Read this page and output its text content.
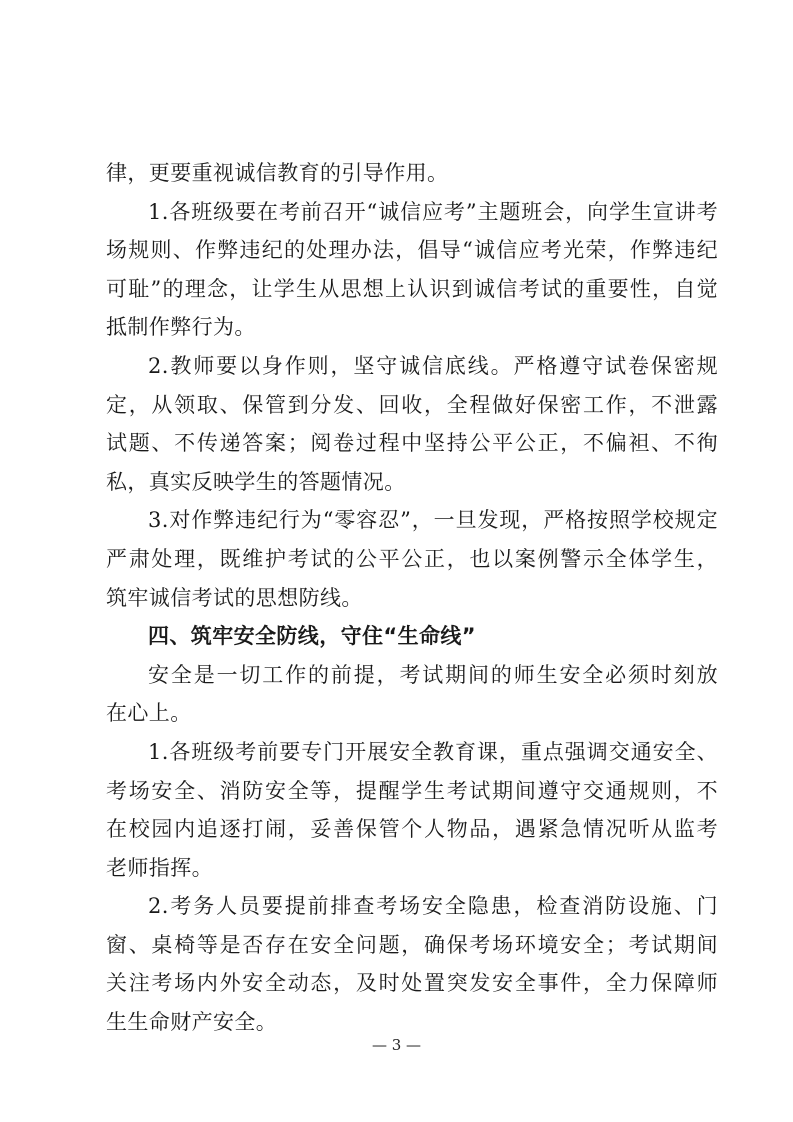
律，更要重视诚信教育的引导作用。
1.各班级要在考前召开“诚信应考”主题班会，向学生宣讲考
场规则、作弊违纪的处理办法，倡导“诚信应考光荣，作弊违纪
可耻”的理念，让学生从思想上认识到诚信考试的重要性，自觉
抵制作弊行为。
2.教师要以身作则，坚守诚信底线。严格遵守试卷保密规
定，从领取、保管到分发、回收，全程做好保密工作，不泄露
试题、不传递答案；阅卷过程中坚持公平公正，不偏袒、不徇
私，真实反映学生的答题情况。
3.对作弊违纪行为“零容忍”，一旦发现，严格按照学校规定
严肃处理，既维护考试的公平公正，也以案例警示全体学生，
筑牢诚信考试的思想防线。
四、筑牢安全防线，守住“生命线”
安全是一切工作的前提，考试期间的师生安全必须时刻放
在心上。
1.各班级考前要专门开展安全教育课，重点强调交通安全、
考场安全、消防安全等，提醒学生考试期间遵守交通规则，不
在校园内追逐打闹，妥善保管个人物品，遇紧急情况听从监考
老师指挥。
2.考务人员要提前排查考场安全隐患，检查消防设施、门
窗、桌椅等是否存在安全问题，确保考场环境安全；考试期间
关注考场内外安全动态，及时处置突发安全事件，全力保障师
生生命财产安全。
— 3 —
